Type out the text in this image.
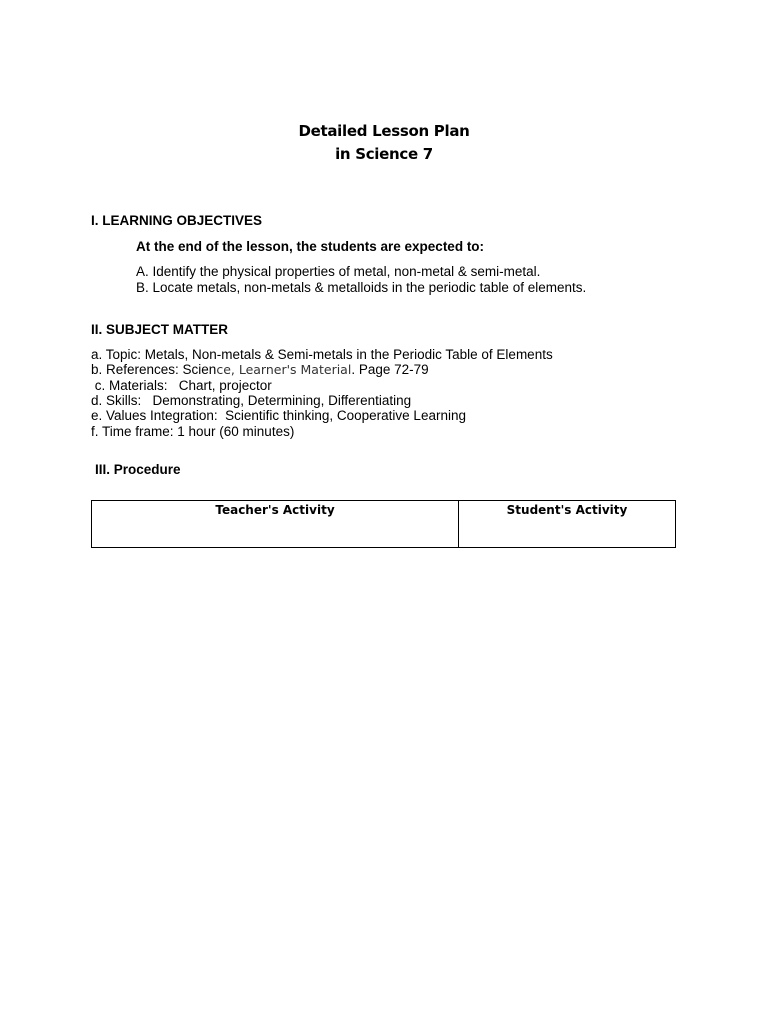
Detailed Lesson Plan
in Science 7
I. LEARNING OBJECTIVES
At the end of the lesson, the students are expected to:
A. Identify the physical properties of metal, non-metal & semi-metal.
B. Locate metals, non-metals & metalloids in the periodic table of elements.
II. SUBJECT MATTER
a. Topic: Metals, Non-metals & Semi-metals in the Periodic Table of Elements
b. References: Science, Learner's Material. Page 72-79
c. Materials:   Chart, projector
d. Skills:   Demonstrating, Determining, Differentiating
e. Values Integration:  Scientific thinking, Cooperative Learning
f. Time frame: 1 hour (60 minutes)
III. Procedure
Teacher's Activity	Student's Activity
